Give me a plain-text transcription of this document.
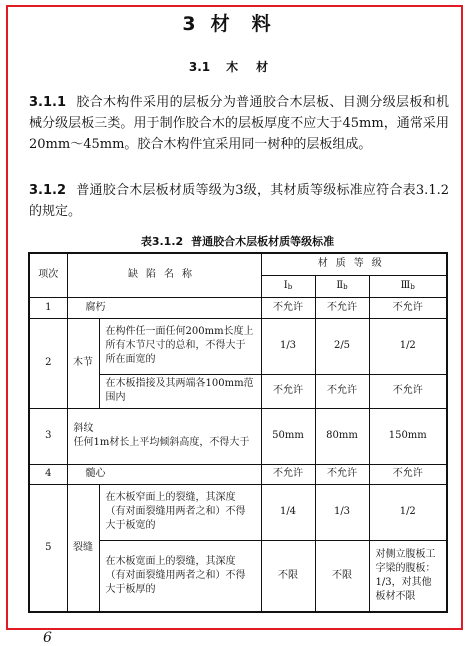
3 材料
3.1 木材
3.1.1 胶合木构件采用的层板分为普通胶合木层板、目测分级层板和机械分级层板三类。用于制作胶合木的层板厚度不应大于45mm，通常采用20mm～45mm。胶合木构件宜采用同一树种的层板组成。
3.1.2 普通胶合木层板材质等级为3级，其材质等级标准应符合表3.1.2的规定。
表3.1.2 普通胶合木层板材质等级标准
项次	缺陷名称		材质等级		
			Ⅰb	Ⅱb	Ⅲb
1	腐朽		不允许	不允许	不允许
2	木节	在构件任一面任何200mm长度上所有木节尺寸的总和，不得大于所在面宽的	1/3	2/5	1/2
		在木板指接及其两端各100mm范围内	不允许	不允许	不允许
3	斜纹
任何1m材长上平均倾斜高度，不得大于		50mm	80mm	150mm
4	髓心		不允许	不允许	不允许
5	裂缝	在木板窄面上的裂缝，其深度（有对面裂缝用两者之和）不得大于板宽的	1/4	1/3	1/2
		在木板宽面上的裂缝，其深度（有对面裂缝用两者之和）不得大于板厚的	不限	不限	对侧立腹板工字梁的腹板：1/3，对其他板材不限
6
